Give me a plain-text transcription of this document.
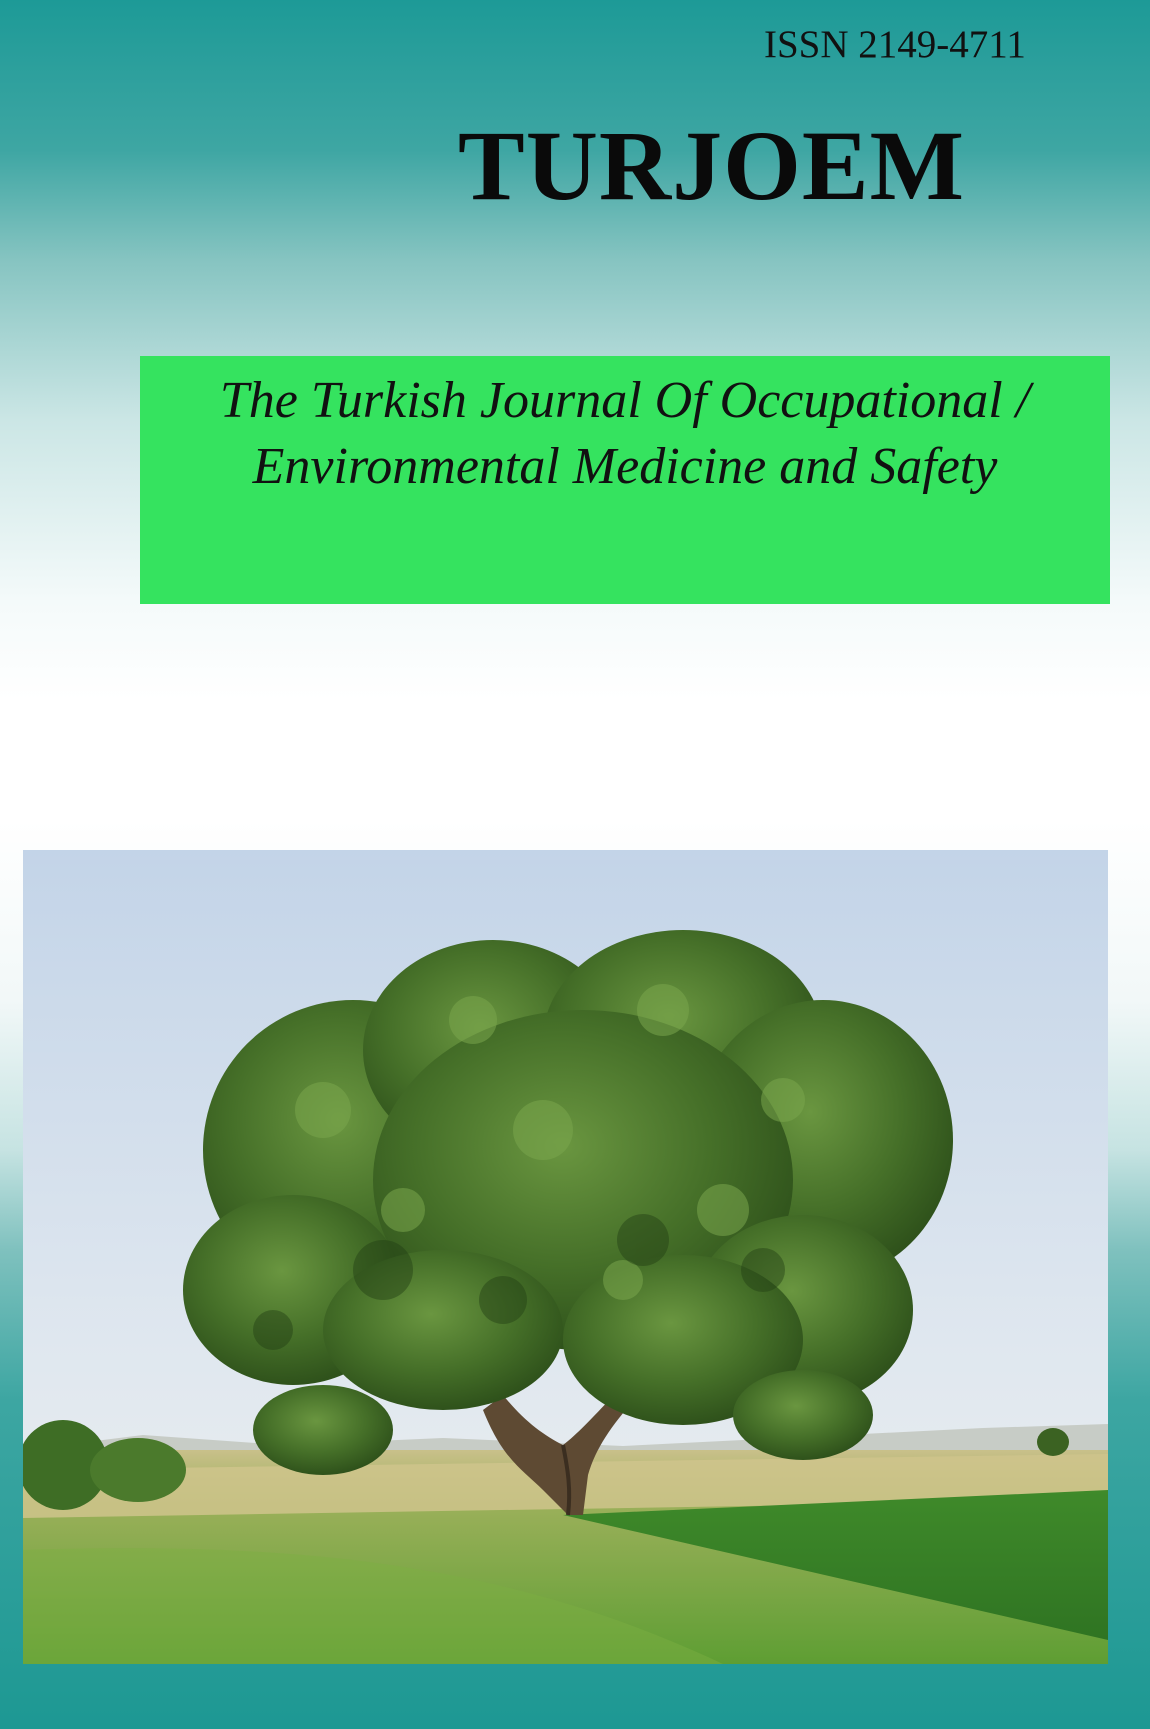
ISSN 2149-4711
TURJOEM
The Turkish Journal Of Occupational /
Environmental Medicine and Safety
